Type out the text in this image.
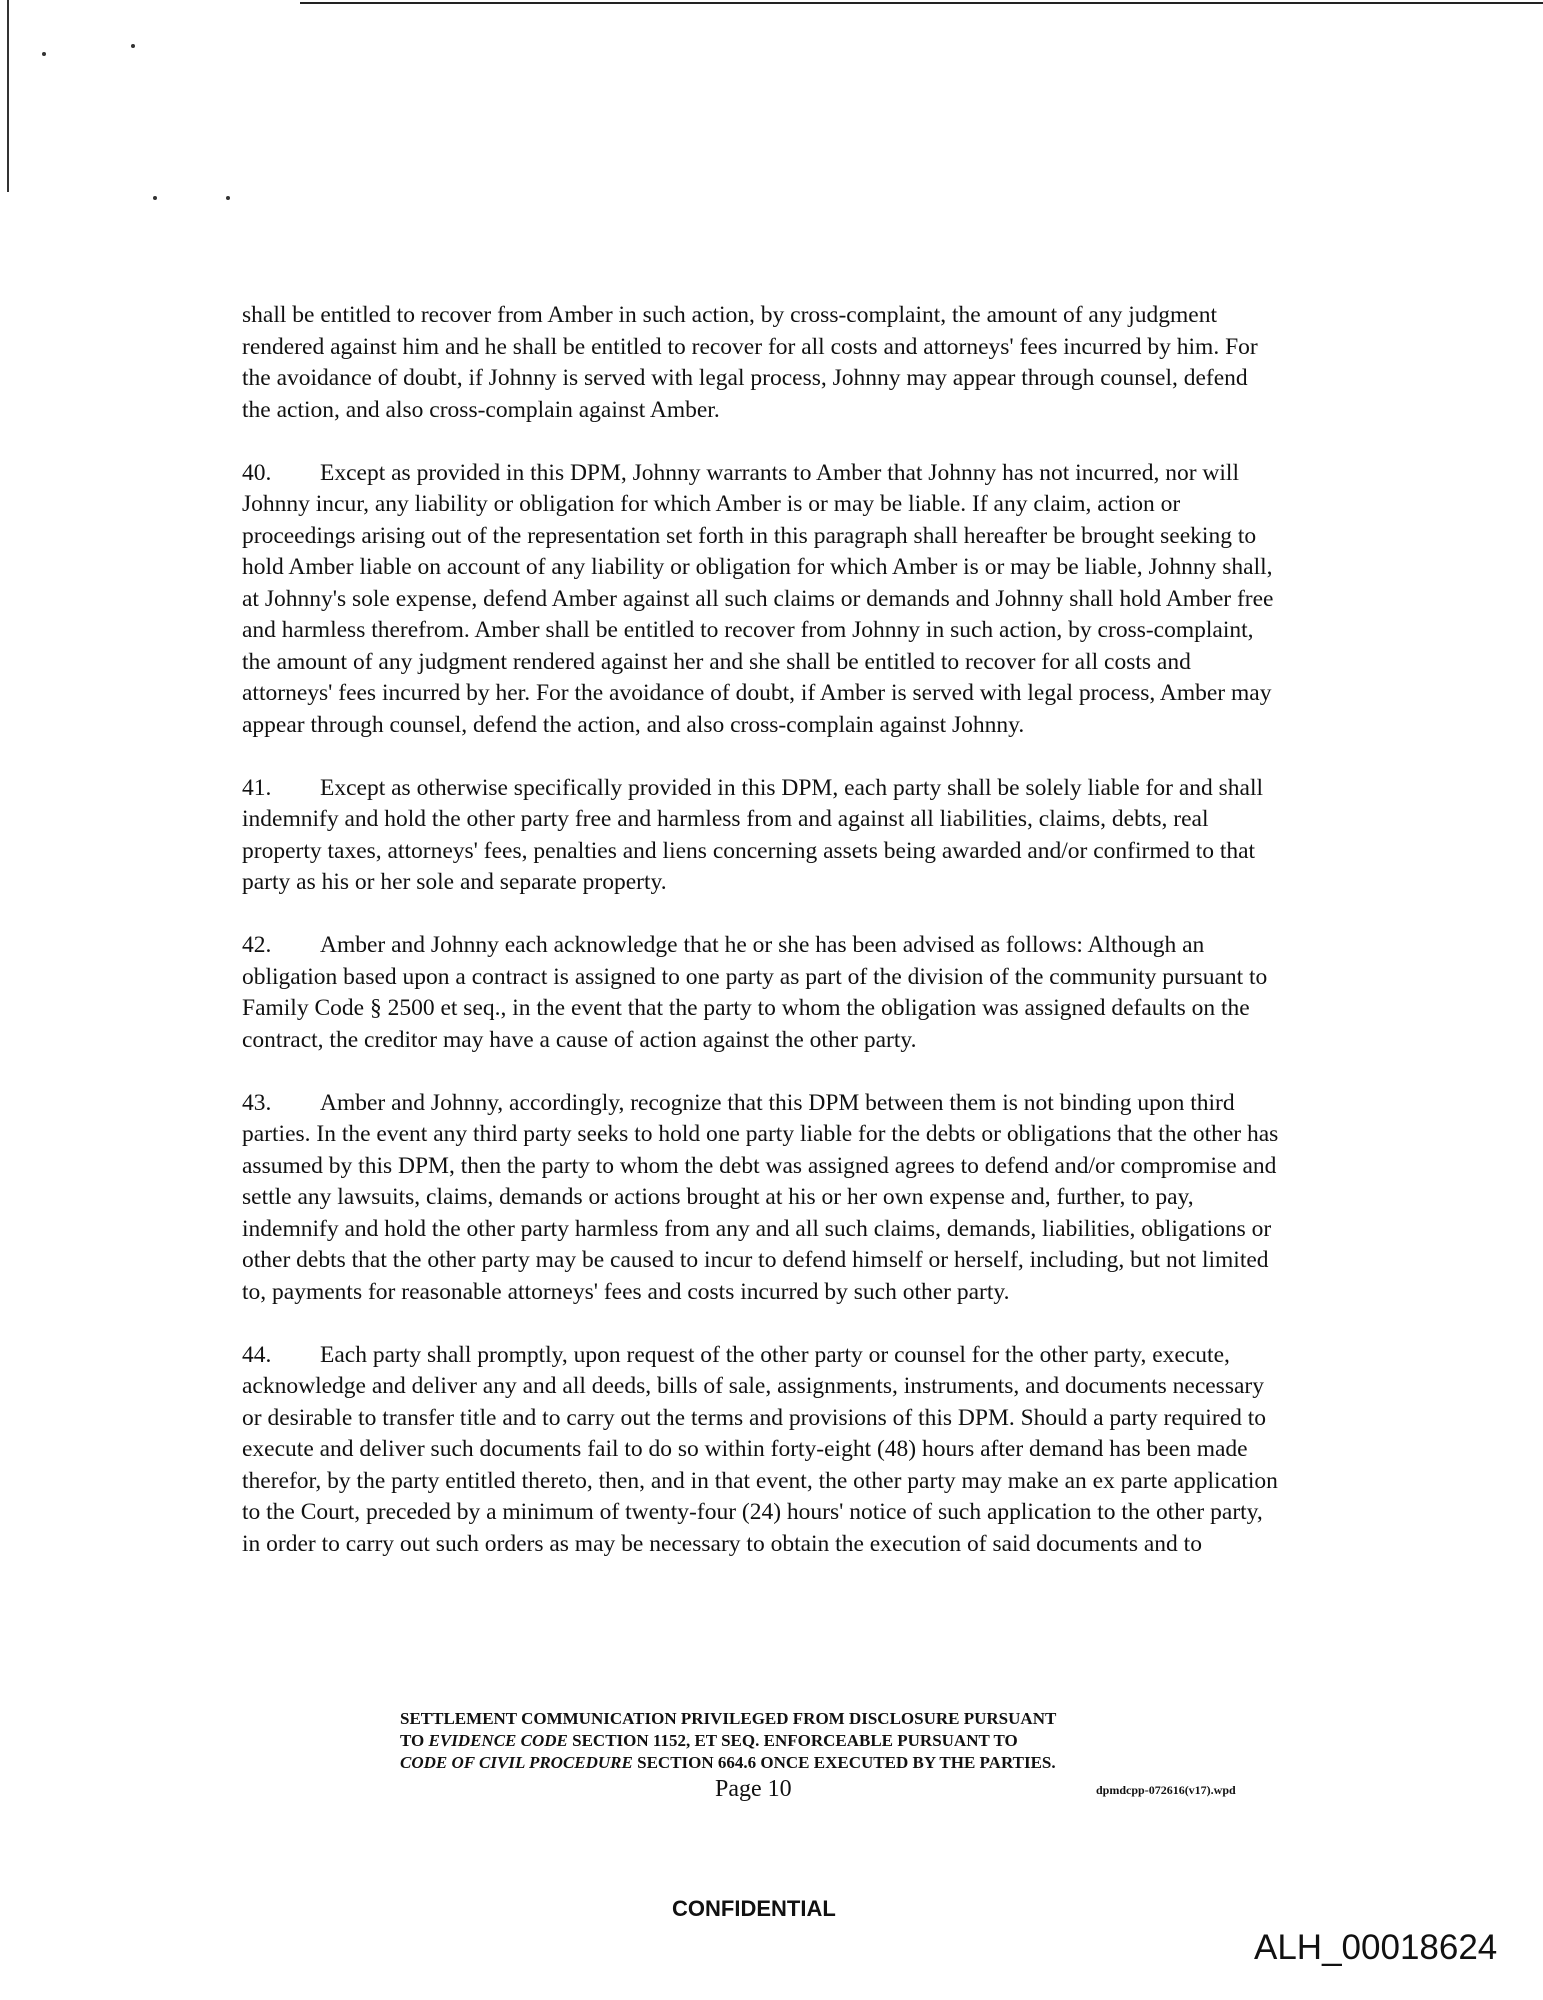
shall be entitled to recover from Amber in such action, by cross-complaint, the amount of any judgment rendered against him and he shall be entitled to recover for all costs and attorneys' fees incurred by him. For the avoidance of doubt, if Johnny is served with legal process, Johnny may appear through counsel, defend the action, and also cross-complain against Amber.

40. Except as provided in this DPM, Johnny warrants to Amber that Johnny has not incurred, nor will Johnny incur, any liability or obligation for which Amber is or may be liable. If any claim, action or proceedings arising out of the representation set forth in this paragraph shall hereafter be brought seeking to hold Amber liable on account of any liability or obligation for which Amber is or may be liable, Johnny shall, at Johnny's sole expense, defend Amber against all such claims or demands and Johnny shall hold Amber free and harmless therefrom. Amber shall be entitled to recover from Johnny in such action, by cross-complaint, the amount of any judgment rendered against her and she shall be entitled to recover for all costs and attorneys' fees incurred by her. For the avoidance of doubt, if Amber is served with legal process, Amber may appear through counsel, defend the action, and also cross-complain against Johnny.

41. Except as otherwise specifically provided in this DPM, each party shall be solely liable for and shall indemnify and hold the other party free and harmless from and against all liabilities, claims, debts, real property taxes, attorneys' fees, penalties and liens concerning assets being awarded and/or confirmed to that party as his or her sole and separate property.

42. Amber and Johnny each acknowledge that he or she has been advised as follows: Although an obligation based upon a contract is assigned to one party as part of the division of the community pursuant to Family Code § 2500 et seq., in the event that the party to whom the obligation was assigned defaults on the contract, the creditor may have a cause of action against the other party.

43. Amber and Johnny, accordingly, recognize that this DPM between them is not binding upon third parties. In the event any third party seeks to hold one party liable for the debts or obligations that the other has assumed by this DPM, then the party to whom the debt was assigned agrees to defend and/or compromise and settle any lawsuits, claims, demands or actions brought at his or her own expense and, further, to pay, indemnify and hold the other party harmless from any and all such claims, demands, liabilities, obligations or other debts that the other party may be caused to incur to defend himself or herself, including, but not limited to, payments for reasonable attorneys' fees and costs incurred by such other party.

44. Each party shall promptly, upon request of the other party or counsel for the other party, execute, acknowledge and deliver any and all deeds, bills of sale, assignments, instruments, and documents necessary or desirable to transfer title and to carry out the terms and provisions of this DPM. Should a party required to execute and deliver such documents fail to do so within forty-eight (48) hours after demand has been made therefor, by the party entitled thereto, then, and in that event, the other party may make an ex parte application to the Court, preceded by a minimum of twenty-four (24) hours' notice of such application to the other party, in order to carry out such orders as may be necessary to obtain the execution of said documents and to

SETTLEMENT COMMUNICATION PRIVILEGED FROM DISCLOSURE PURSUANT
TO EVIDENCE CODE SECTION 1152, ET SEQ. ENFORCEABLE PURSUANT TO
CODE OF CIVIL PROCEDURE SECTION 664.6 ONCE EXECUTED BY THE PARTIES.
Page 10	dpmdcpp-072616(v17).wpd
CONFIDENTIAL
ALH_00018624
